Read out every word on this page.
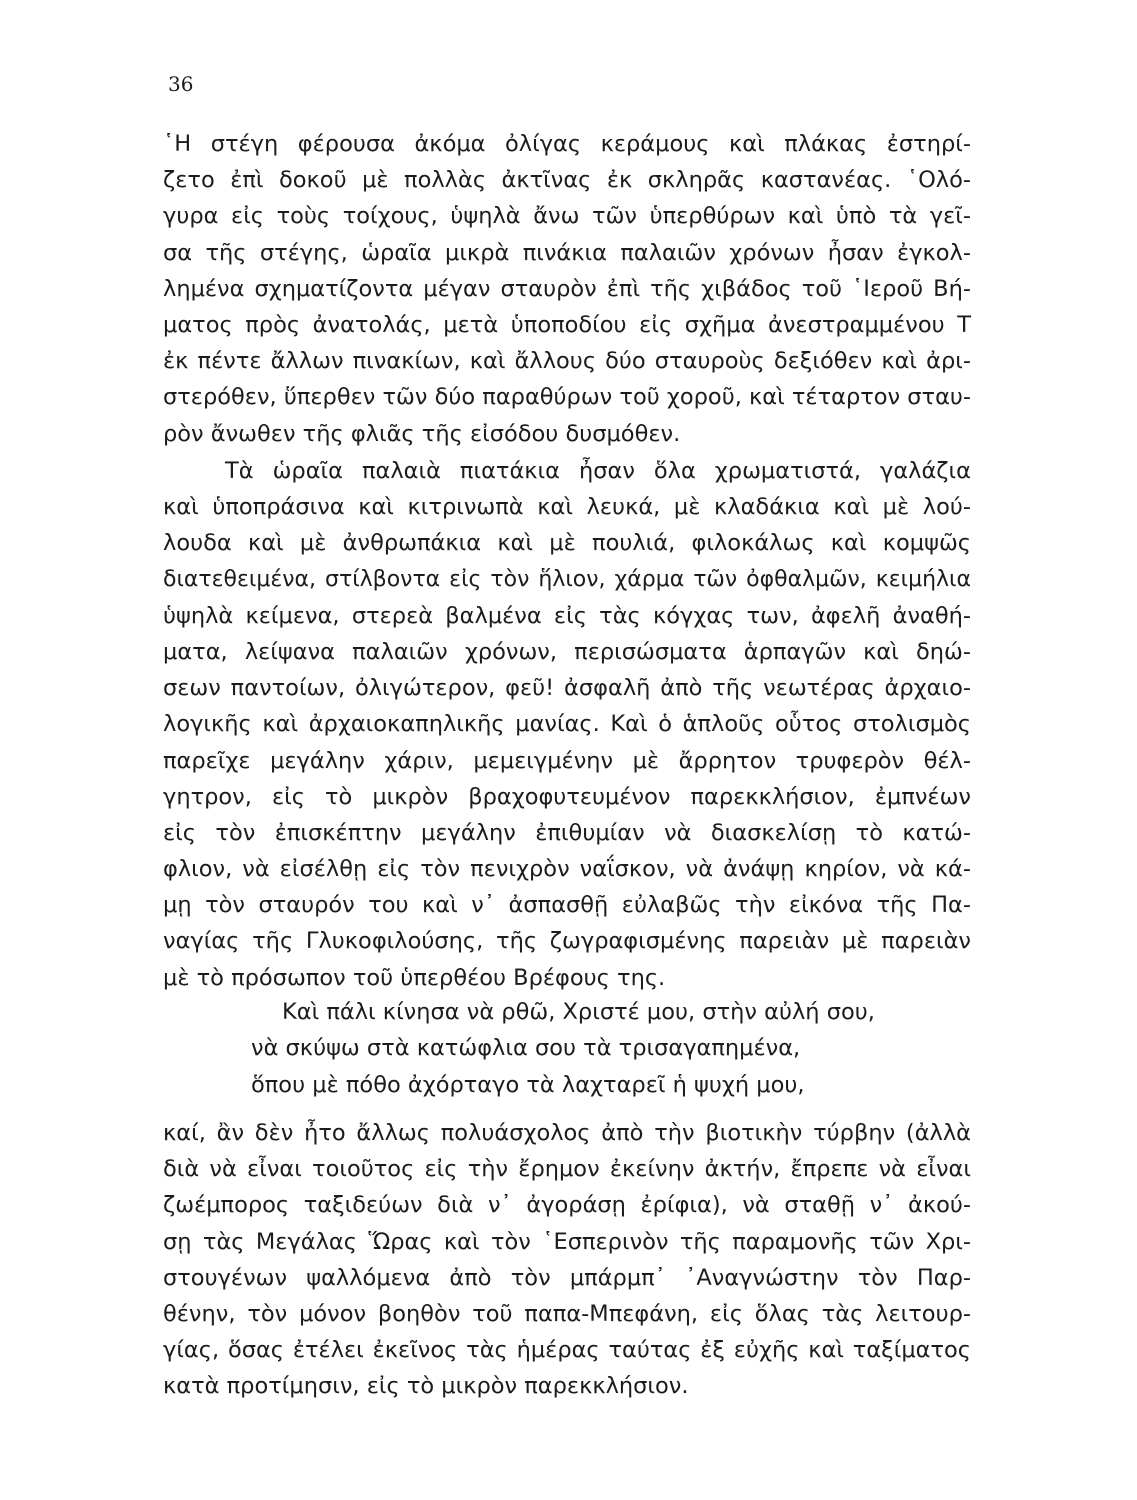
36
῾Η στέγη φέρουσα ἀκόμα ὀλίγας κεράμους καὶ πλάκας ἐστηρί-
ζετο ἐπὶ δοκοῦ μὲ πολλὰς ἀκτῖνας ἐκ σκληρᾶς καστανέας. ῾Ολό-
γυρα εἰς τοὺς τοίχους, ὑψηλὰ ἄνω τῶν ὑπερθύρων καὶ ὑπὸ τὰ γεῖ-
σα τῆς στέγης, ὡραῖα μικρὰ πινάκια παλαιῶν χρόνων ἦσαν ἐγκολ-
λημένα σχηματίζοντα μέγαν σταυρὸν ἐπὶ τῆς χιβάδος τοῦ ῾Ιεροῦ Βή-
ματος πρὸς ἀνατολάς, μετὰ ὑποποδίου εἰς σχῆμα ἀνεστραμμένου Τ
ἐκ πέντε ἄλλων πινακίων, καὶ ἄλλους δύο σταυροὺς δεξιόθεν καὶ ἀρι-
στερόθεν, ὕπερθεν τῶν δύο παραθύρων τοῦ χοροῦ, καὶ τέταρτον σταυ-
ρὸν ἄνωθεν τῆς φλιᾶς τῆς εἰσόδου δυσμόθεν.
Τὰ ὡραῖα παλαιὰ πιατάκια ἦσαν ὅλα χρωματιστά, γαλάζια
καὶ ὑποπράσινα καὶ κιτρινωπὰ καὶ λευκά, μὲ κλαδάκια καὶ μὲ λού-
λουδα καὶ μὲ ἀνθρωπάκια καὶ μὲ πουλιά, φιλοκάλως καὶ κομψῶς
διατεθειμένα, στίλβοντα εἰς τὸν ἥλιον, χάρμα τῶν ὀφθαλμῶν, κειμήλια
ὑψηλὰ κείμενα, στερεὰ βαλμένα εἰς τὰς κόγχας των, ἀφελῆ ἀναθή-
ματα, λείψανα παλαιῶν χρόνων, περισώσματα ἁρπαγῶν καὶ δηώ-
σεων παντοίων, ὀλιγώτερον, φεῦ! ἀσφαλῆ ἀπὸ τῆς νεωτέρας ἀρχαιο-
λογικῆς καὶ ἀρχαιοκαπηλικῆς μανίας. Καὶ ὁ ἁπλοῦς οὗτος στολισμὸς
παρεῖχε μεγάλην χάριν, μεμειγμένην μὲ ἄρρητον τρυφερὸν θέλ-
γητρον, εἰς τὸ μικρὸν βραχοφυτευμένον παρεκκλήσιον, ἐμπνέων
εἰς τὸν ἐπισκέπτην μεγάλην ἐπιθυμίαν νὰ διασκελίσῃ τὸ κατώ-
φλιον, νὰ εἰσέλθῃ εἰς τὸν πενιχρὸν ναΐσκον, νὰ ἀνάψῃ κηρίον, νὰ κά-
μῃ τὸν σταυρόν του καὶ ν᾿ ἀσπασθῇ εὐλαβῶς τὴν εἰκόνα τῆς Πα-
ναγίας τῆς Γλυκοφιλούσης, τῆς ζωγραφισμένης παρειὰν μὲ παρειὰν
μὲ τὸ πρόσωπον τοῦ ὑπερθέου Βρέφους της.
Καὶ πάλι κίνησα νὰ ρθῶ, Χριστέ μου, στὴν αὐλή σου,
νὰ σκύψω στὰ κατώφλια σου τὰ τρισαγαπημένα,
ὅπου μὲ πόθο ἀχόρταγο τὰ λαχταρεῖ ἡ ψυχή μου,
καί, ἂν δὲν ἦτο ἄλλως πολυάσχολος ἀπὸ τὴν βιοτικὴν τύρβην (ἀλλὰ
διὰ νὰ εἶναι τοιοῦτος εἰς τὴν ἔρημον ἐκείνην ἀκτήν, ἔπρεπε νὰ εἶναι
ζωέμπορος ταξιδεύων διὰ ν᾿ ἀγοράσῃ ἐρίφια), νὰ σταθῇ ν᾿ ἀκού-
σῃ τὰς Μεγάλας Ὥρας καὶ τὸν ῾Εσπερινὸν τῆς παραμονῆς τῶν Χρι-
στουγένων ψαλλόμενα ἀπὸ τὸν μπάρμπ᾿ ᾿Αναγνώστην τὸν Παρ-
θένην, τὸν μόνον βοηθὸν τοῦ παπα-Μπεφάνη, εἰς ὅλας τὰς λειτουρ-
γίας, ὅσας ἐτέλει ἐκεῖνος τὰς ἡμέρας ταύτας ἐξ εὐχῆς καὶ ταξίματος
κατὰ προτίμησιν, εἰς τὸ μικρὸν παρεκκλήσιον.
